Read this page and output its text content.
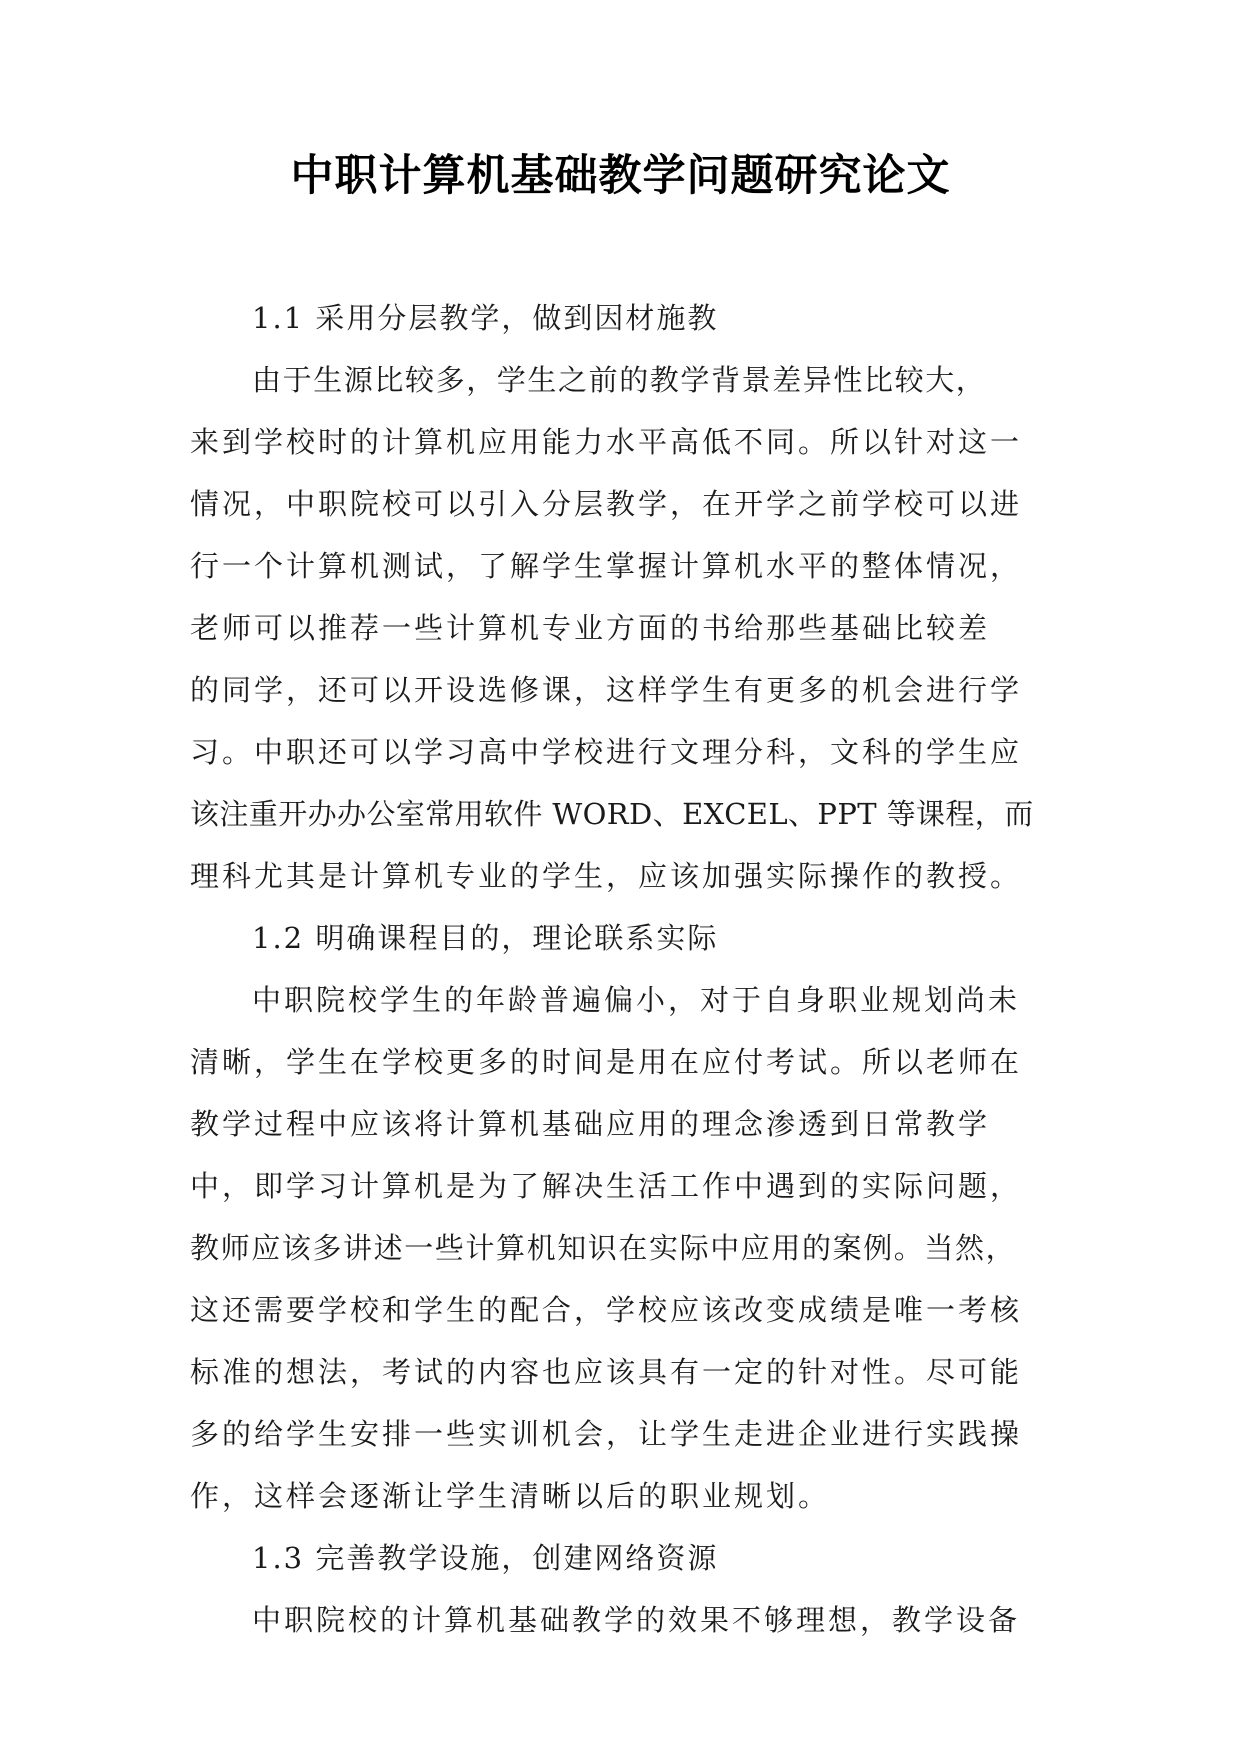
中职计算机基础教学问题研究论文
1.1 采用分层教学，做到因材施教
由于生源比较多，学生之前的教学背景差异性比较大，
来到学校时的计算机应用能力水平高低不同。所以针对这一
情况，中职院校可以引入分层教学，在开学之前学校可以进
行一个计算机测试，了解学生掌握计算机水平的整体情况，
老师可以推荐一些计算机专业方面的书给那些基础比较差
的同学，还可以开设选修课，这样学生有更多的机会进行学
习。中职还可以学习高中学校进行文理分科，文科的学生应
该注重开办办公室常用软件 WORD、EXCEL、PPT 等课程，而
理科尤其是计算机专业的学生，应该加强实际操作的教授。
1.2 明确课程目的，理论联系实际
中职院校学生的年龄普遍偏小，对于自身职业规划尚未
清晰，学生在学校更多的时间是用在应付考试。所以老师在
教学过程中应该将计算机基础应用的理念渗透到日常教学
中，即学习计算机是为了解决生活工作中遇到的实际问题，
教师应该多讲述一些计算机知识在实际中应用的案例。当然，
这还需要学校和学生的配合，学校应该改变成绩是唯一考核
标准的想法，考试的内容也应该具有一定的针对性。尽可能
多的给学生安排一些实训机会，让学生走进企业进行实践操
作，这样会逐渐让学生清晰以后的职业规划。
1.3 完善教学设施，创建网络资源
中职院校的计算机基础教学的效果不够理想，教学设备
